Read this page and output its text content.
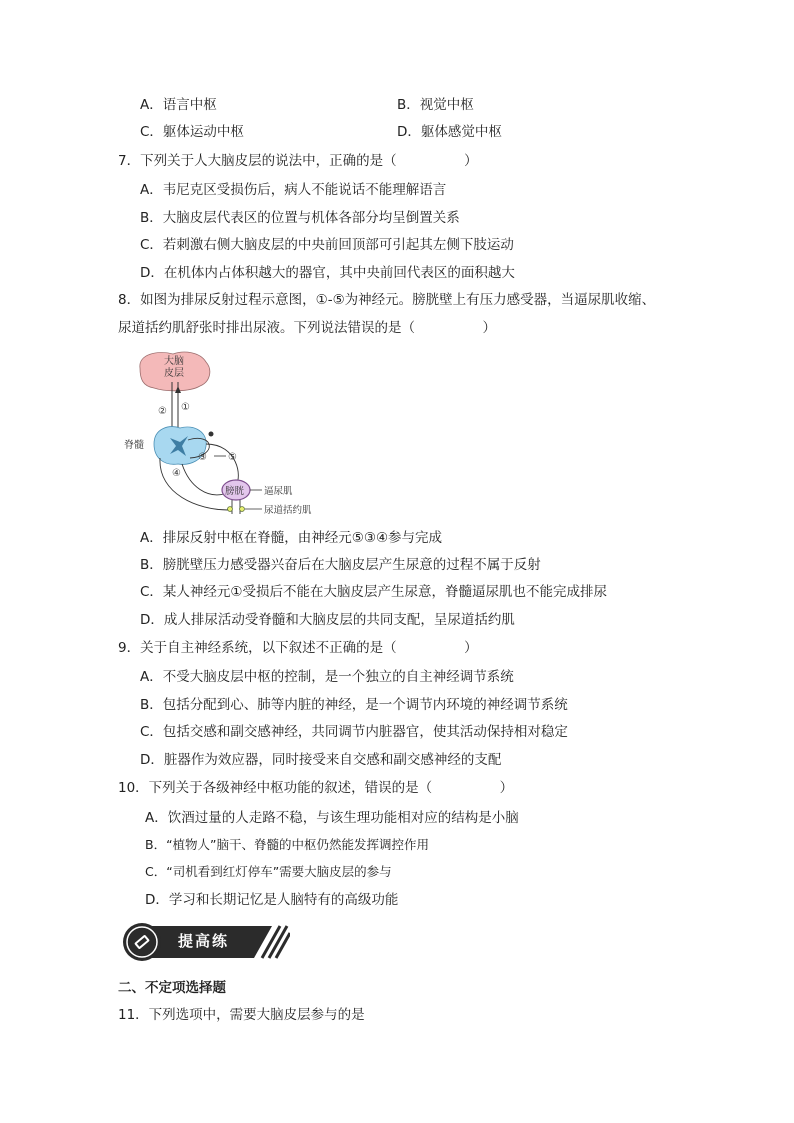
A．语言中枢	B．视觉中枢
C．躯体运动中枢	D．躯体感觉中枢
7．下列关于人大脑皮层的说法中，正确的是（　　　　　）
A．韦尼克区受损伤后，病人不能说话不能理解语言
B．大脑皮层代表区的位置与机体各部分均呈倒置关系
C．若刺激右侧大脑皮层的中央前回顶部可引起其左侧下肢运动
D．在机体内占体积越大的器官，其中央前回代表区的面积越大
8．如图为排尿反射过程示意图，①-⑤为神经元。膀胱壁上有压力感受器，当逼尿肌收缩、
尿道括约肌舒张时排出尿液。下列说法错误的是（　　　　　）
大脑
皮层
② ①
脊髓
③ ⑤
④
膀胱 逼尿肌
尿道括约肌
A．排尿反射中枢在脊髓，由神经元⑤③④参与完成
B．膀胱壁压力感受器兴奋后在大脑皮层产生尿意的过程不属于反射
C．某人神经元①受损后不能在大脑皮层产生尿意，脊髓逼尿肌也不能完成排尿
D．成人排尿活动受脊髓和大脑皮层的共同支配，呈尿道括约肌
9．关于自主神经系统，以下叙述不正确的是（　　　　　）
A．不受大脑皮层中枢的控制，是一个独立的自主神经调节系统
B．包括分配到心、肺等内脏的神经，是一个调节内环境的神经调节系统
C．包括交感和副交感神经，共同调节内脏器官，使其活动保持相对稳定
D．脏器作为效应器，同时接受来自交感和副交感神经的支配
10．下列关于各级神经中枢功能的叙述，错误的是（　　　　　）
A．饮酒过量的人走路不稳，与该生理功能相对应的结构是小脑
B．“植物人”脑干、脊髓的中枢仍然能发挥调控作用
C．“司机看到红灯停车”需要大脑皮层的参与
D．学习和长期记忆是人脑特有的高级功能
提高练
二、不定项选择题
11．下列选项中，需要大脑皮层参与的是
